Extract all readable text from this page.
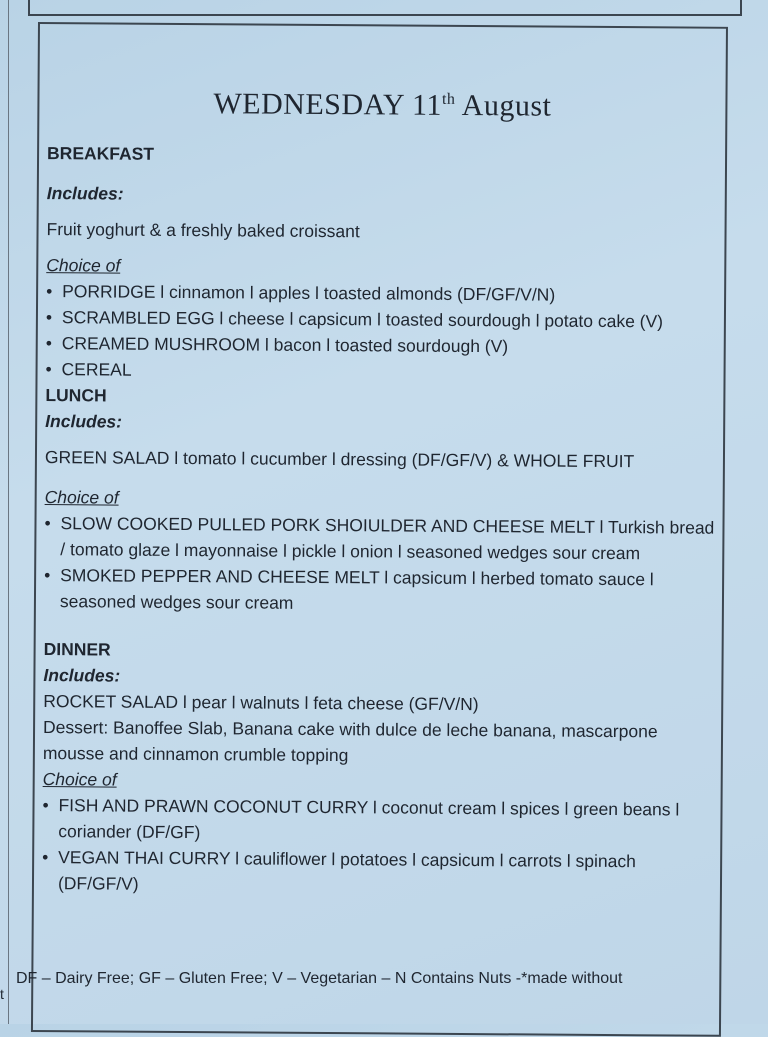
t
WEDNESDAY 11th August
BREAKFAST
Includes:
Fruit yoghurt & a freshly baked croissant
Choice of
• PORRIDGE l cinnamon l apples l toasted almonds (DF/GF/V/N)
• SCRAMBLED EGG l cheese l capsicum l toasted sourdough l potato cake (V)
• CREAMED MUSHROOM l bacon l toasted sourdough (V)
• CEREAL
LUNCH
Includes:
GREEN SALAD l tomato l cucumber l dressing (DF/GF/V) & WHOLE FRUIT
Choice of
• SLOW COOKED PULLED PORK SHOIULDER AND CHEESE MELT l Turkish bread / tomato glaze l mayonnaise l pickle l onion l seasoned wedges sour cream
• SMOKED PEPPER AND CHEESE MELT l capsicum l herbed tomato sauce l seasoned wedges sour cream
DINNER
Includes:
ROCKET SALAD l pear l walnuts l feta cheese (GF/V/N)
Dessert: Banoffee Slab, Banana cake with dulce de leche banana, mascarpone mousse and cinnamon crumble topping
Choice of
• FISH AND PRAWN COCONUT CURRY l coconut cream l spices l green beans l coriander (DF/GF)
• VEGAN THAI CURRY l cauliflower l potatoes l capsicum l carrots l spinach (DF/GF/V)
DF – Dairy Free; GF – Gluten Free; V – Vegetarian – N Contains Nuts -*made without
